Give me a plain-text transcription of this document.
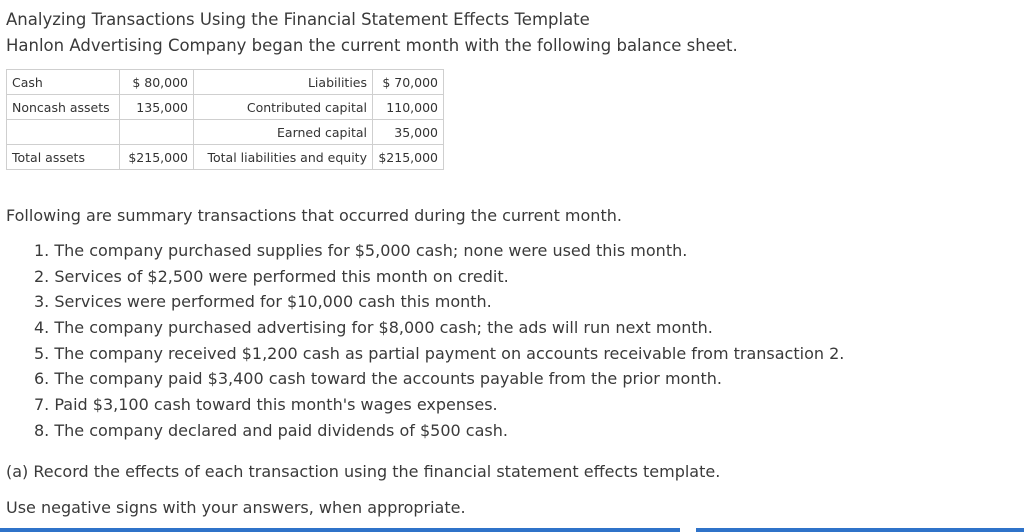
Analyzing Transactions Using the Financial Statement Effects Template
Hanlon Advertising Company began the current month with the following balance sheet.
Cash	$ 80,000	Liabilities	$ 70,000
Noncash assets	135,000	Contributed capital	110,000
		Earned capital	35,000
Total assets	$215,000	Total liabilities and equity	$215,000
Following are summary transactions that occurred during the current month.
1. The company purchased supplies for $5,000 cash; none were used this month.
2. Services of $2,500 were performed this month on credit.
3. Services were performed for $10,000 cash this month.
4. The company purchased advertising for $8,000 cash; the ads will run next month.
5. The company received $1,200 cash as partial payment on accounts receivable from transaction 2.
6. The company paid $3,400 cash toward the accounts payable from the prior month.
7. Paid $3,100 cash toward this month's wages expenses.
8. The company declared and paid dividends of $500 cash.
(a) Record the effects of each transaction using the financial statement effects template.
Use negative signs with your answers, when appropriate.
